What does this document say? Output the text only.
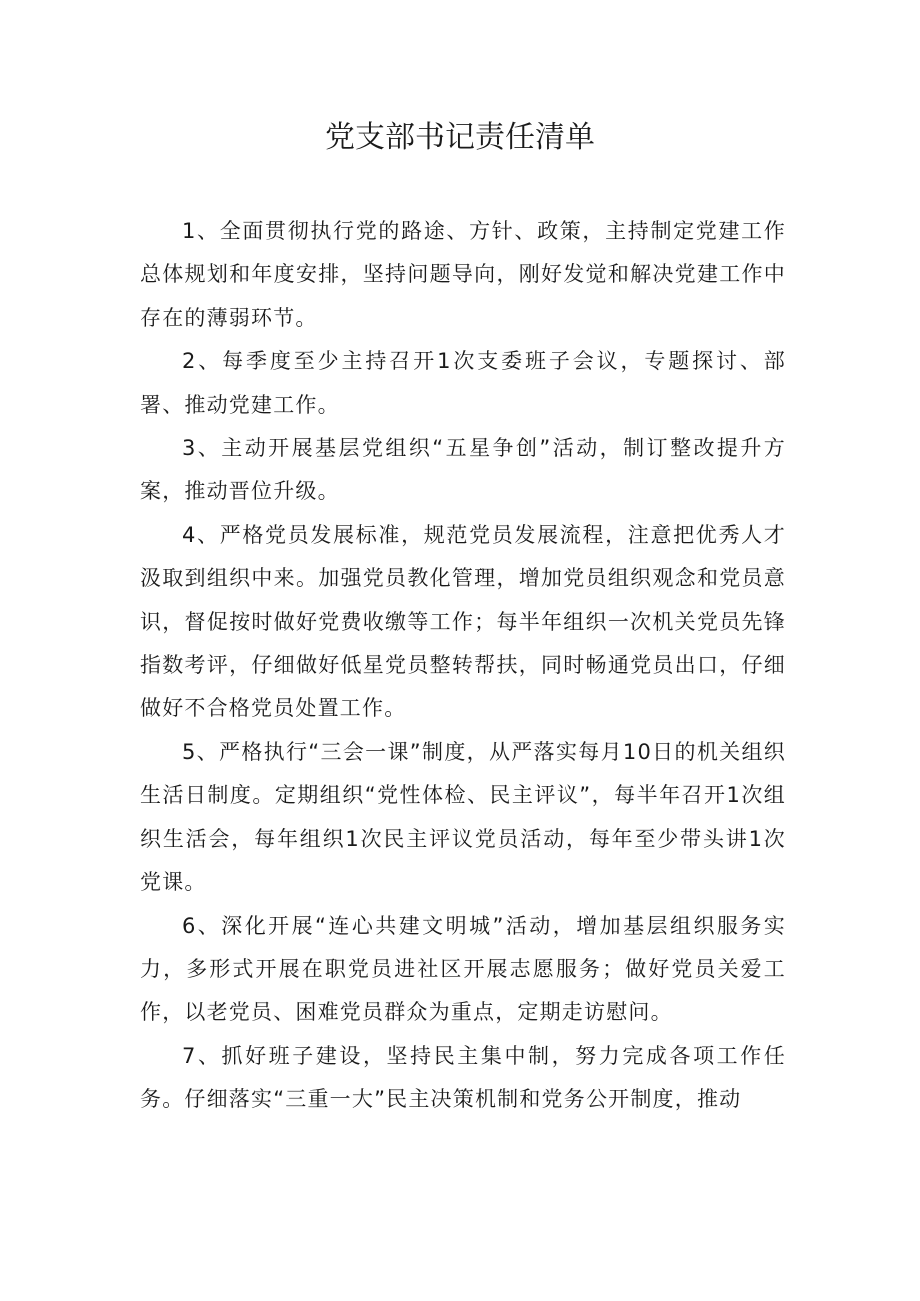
党支部书记责任清单

1、全面贯彻执行党的路途、方针、政策，主持制定党建工作总体规划和年度安排，坚持问题导向，刚好发觉和解决党建工作中存在的薄弱环节。

2、每季度至少主持召开1次支委班子会议，专题探讨、部署、推动党建工作。

3、主动开展基层党组织“五星争创”活动，制订整改提升方案，推动晋位升级。

4、严格党员发展标准，规范党员发展流程，注意把优秀人才汲取到组织中来。加强党员教化管理，增加党员组织观念和党员意识，督促按时做好党费收缴等工作；每半年组织一次机关党员先锋指数考评，仔细做好低星党员整转帮扶，同时畅通党员出口，仔细做好不合格党员处置工作。

5、严格执行“三会一课”制度，从严落实每月10日的机关组织生活日制度。定期组织“党性体检、民主评议”，每半年召开1次组织生活会，每年组织1次民主评议党员活动，每年至少带头讲1次党课。

6、深化开展“连心共建文明城”活动，增加基层组织服务实力，多形式开展在职党员进社区开展志愿服务；做好党员关爱工作，以老党员、困难党员群众为重点，定期走访慰问。

7、抓好班子建设，坚持民主集中制，努力完成各项工作任务。仔细落实“三重一大”民主决策机制和党务公开制度，推动
